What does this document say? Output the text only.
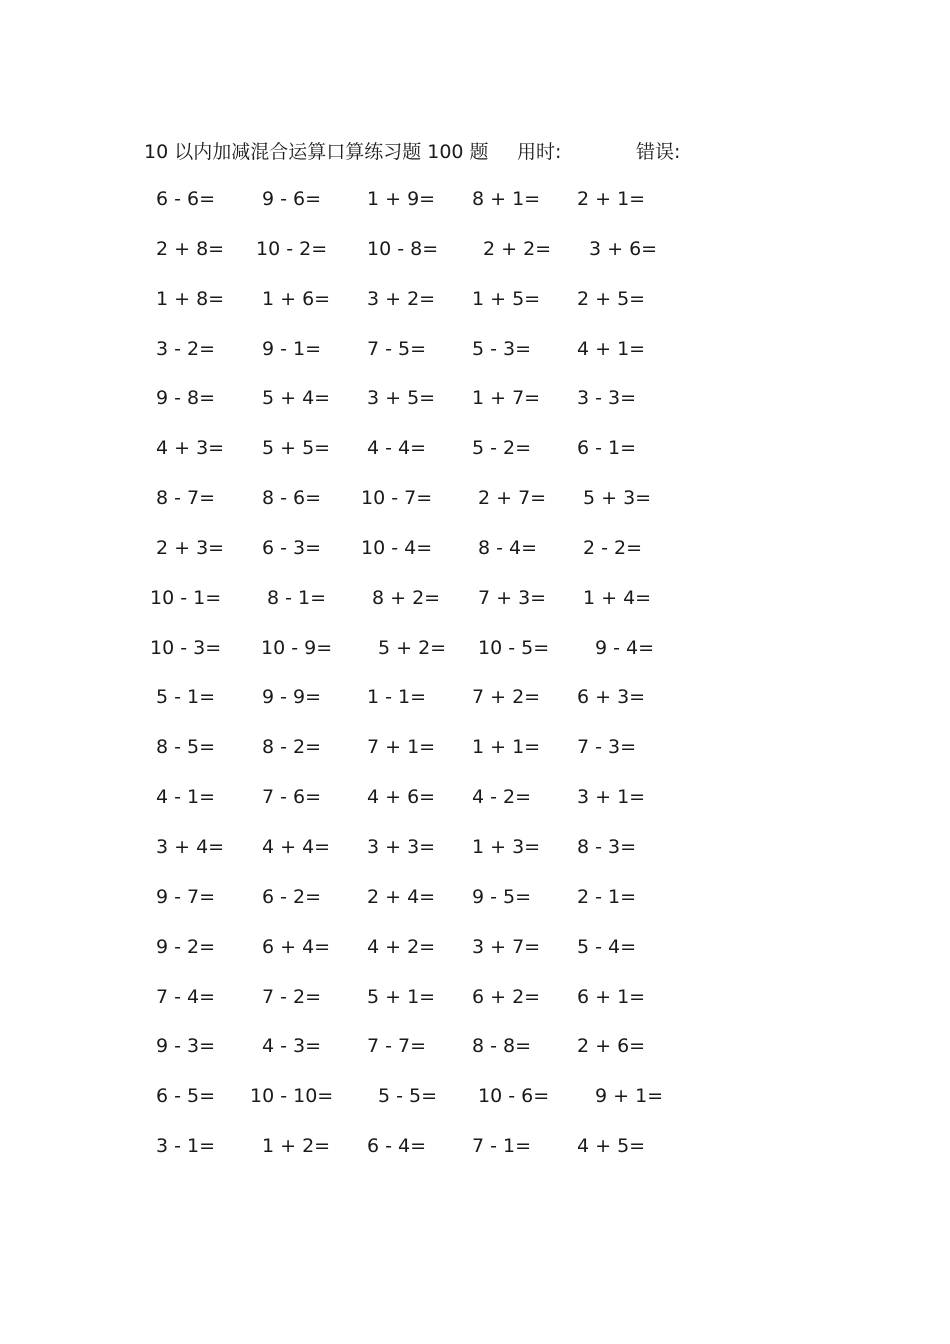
10 以内加减混合运算口算练习题 100 题 用时:	错误:
6 - 6= 9 - 6= 1 + 9= 8 + 1= 2 + 1=
2 + 8= 10 - 2= 10 - 8= 2 + 2= 3 + 6=
1 + 8= 1 + 6= 3 + 2= 1 + 5= 2 + 5=
3 - 2= 9 - 1= 7 - 5= 5 - 3= 4 + 1=
9 - 8= 5 + 4= 3 + 5= 1 + 7= 3 - 3=
4 + 3= 5 + 5= 4 - 4= 5 - 2= 6 - 1=
8 - 7= 8 - 6= 10 - 7= 2 + 7= 5 + 3=
2 + 3= 6 - 3= 10 - 4= 8 - 4= 2 - 2=
10 - 1= 8 - 1= 8 + 2= 7 + 3= 1 + 4=
10 - 3= 10 - 9= 5 + 2= 10 - 5= 9 - 4=
5 - 1= 9 - 9= 1 - 1= 7 + 2= 6 + 3=
8 - 5= 8 - 2= 7 + 1= 1 + 1= 7 - 3=
4 - 1= 7 - 6= 4 + 6= 4 - 2= 3 + 1=
3 + 4= 4 + 4= 3 + 3= 1 + 3= 8 - 3=
9 - 7= 6 - 2= 2 + 4= 9 - 5= 2 - 1=
9 - 2= 6 + 4= 4 + 2= 3 + 7= 5 - 4=
7 - 4= 7 - 2= 5 + 1= 6 + 2= 6 + 1=
9 - 3= 4 - 3= 7 - 7= 8 - 8= 2 + 6=
6 - 5= 10 - 10= 5 - 5= 10 - 6= 9 + 1=
3 - 1= 1 + 2= 6 - 4= 7 - 1= 4 + 5=
